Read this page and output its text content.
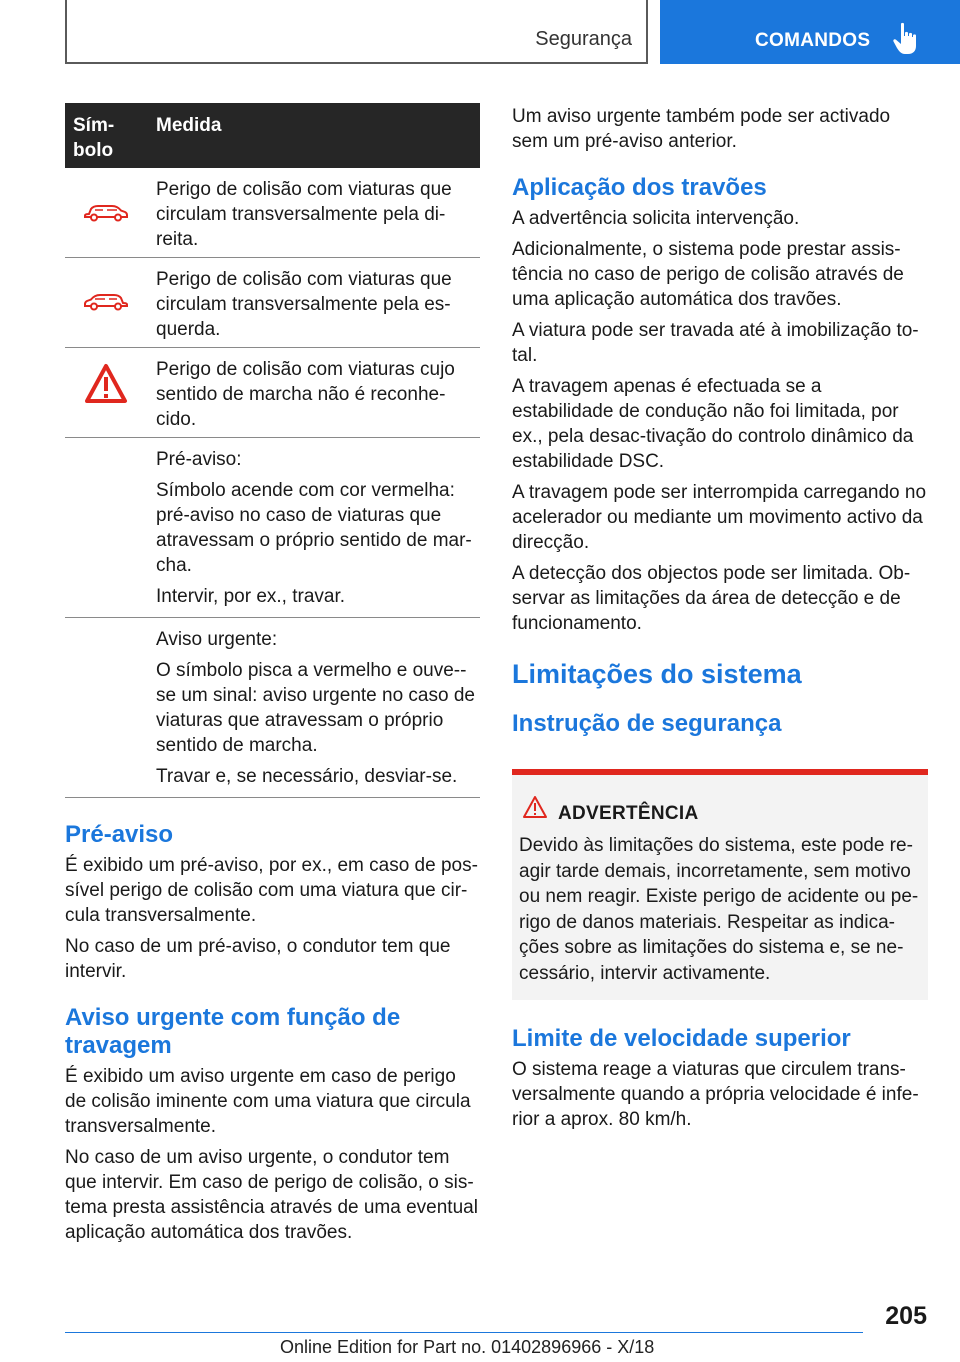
Segurança	COMANDOS
Sím-
bolo
Medida

Perigo de colisão com viaturas que circulam transversalmente pela di-reita.

Perigo de colisão com viaturas que circulam transversalmente pela es-querda.

Perigo de colisão com viaturas cujo sentido de marcha não é reconhe-cido.

Pré-aviso:

Símbolo acende com cor vermelha: pré-aviso no caso de viaturas que atravessam o próprio sentido de mar-cha.

Intervir, por ex., travar.

Aviso urgente:

O símbolo pisca a vermelho e ouve--se um sinal: aviso urgente no caso de viaturas que atravessam o próprio sentido de marcha.

Travar e, se necessário, desviar-se.

Pré-aviso

É exibido um pré-aviso, por ex., em caso de pos-sível perigo de colisão com uma viatura que cir-cula transversalmente.

No caso de um pré-aviso, o condutor tem que intervir.

Aviso urgente com função de travagem

É exibido um aviso urgente em caso de perigo de colisão iminente com uma viatura que circula transversalmente.

No caso de um aviso urgente, o condutor tem que intervir. Em caso de perigo de colisão, o sis-tema presta assistência através de uma eventual aplicação automática dos travões.

Um aviso urgente também pode ser activado sem um pré-aviso anterior.

Aplicação dos travões

A advertência solicita intervenção.

Adicionalmente, o sistema pode prestar assis-tência no caso de perigo de colisão através de uma aplicação automática dos travões.

A viatura pode ser travada até à imobilização to-tal.

A travagem apenas é efectuada se a estabilidade de condução não foi limitada, por ex., pela desac-tivação do controlo dinâmico da estabilidade DSC.

A travagem pode ser interrompida carregando no acelerador ou mediante um movimento activo da direcção.

A detecção dos objectos pode ser limitada. Ob-servar as limitações da área de detecção e de funcionamento.

Limitações do sistema
Instrução de segurança
ADVERTÊNCIA

Devido às limitações do sistema, este pode re-agir tarde demais, incorretamente, sem motivo ou nem reagir. Existe perigo de acidente ou pe-rigo de danos materiais. Respeitar as indica-ções sobre as limitações do sistema e, se ne-cessário, intervir activamente.

Limite de velocidade superior

O sistema reage a viaturas que circulem trans-versalmente quando a própria velocidade é infe-rior a aprox. 80 km/h.

205
Online Edition for Part no. 01402896966 - X/18
